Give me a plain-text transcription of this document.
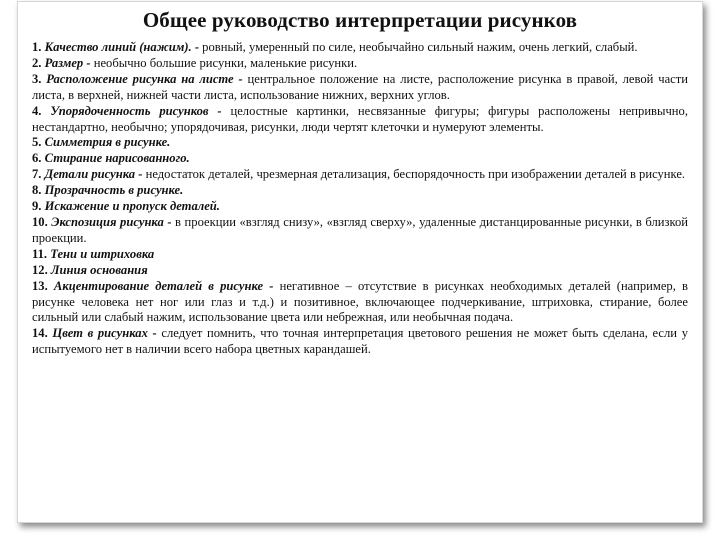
Общее руководство интерпретации рисунков

1. Качество линий (нажим). - ровный, умеренный по силе, необычайно сильный нажим, очень легкий, слабый.

2. Размер - необычно большие рисунки, маленькие рисунки.

3. Расположение рисунка на листе - центральное положение на листе, расположение рисунка в правой, левой части листа, в верхней, нижней части листа, использование нижних, верхних углов.

4. Упорядоченность рисунков - целостные картинки, несвязанные фигуры; фигуры расположены непривычно, нестандартно, необычно; упорядочивая, рисунки, люди чертят клеточки и нумеруют элементы.

5. Симметрия в рисунке.

6. Стирание нарисованного.

7. Детали рисунка - недостаток деталей, чрезмерная детализация, беспорядочность при изображении деталей в рисунке.

8. Прозрачность в рисунке.

9. Искажение и пропуск деталей.

10. Экспозиция рисунка - в проекции «взгляд снизу», «взгляд сверху», удаленные дистанцированные рисунки, в близкой проекции.

11. Тени и штриховка

12. Линия основания

13. Акцентирование деталей в рисунке - негативное – отсутствие в рисунках необходимых деталей (например, в рисунке человека нет ног или глаз и т.д.) и позитивное, включающее подчеркивание, штриховка, стирание, более сильный или слабый нажим, использование цвета или небрежная, или необычная подача.

14. Цвет в рисунках - следует помнить, что точная интерпретация цветового решения не может быть сделана, если у испытуемого нет в наличии всего набора цветных карандашей.
